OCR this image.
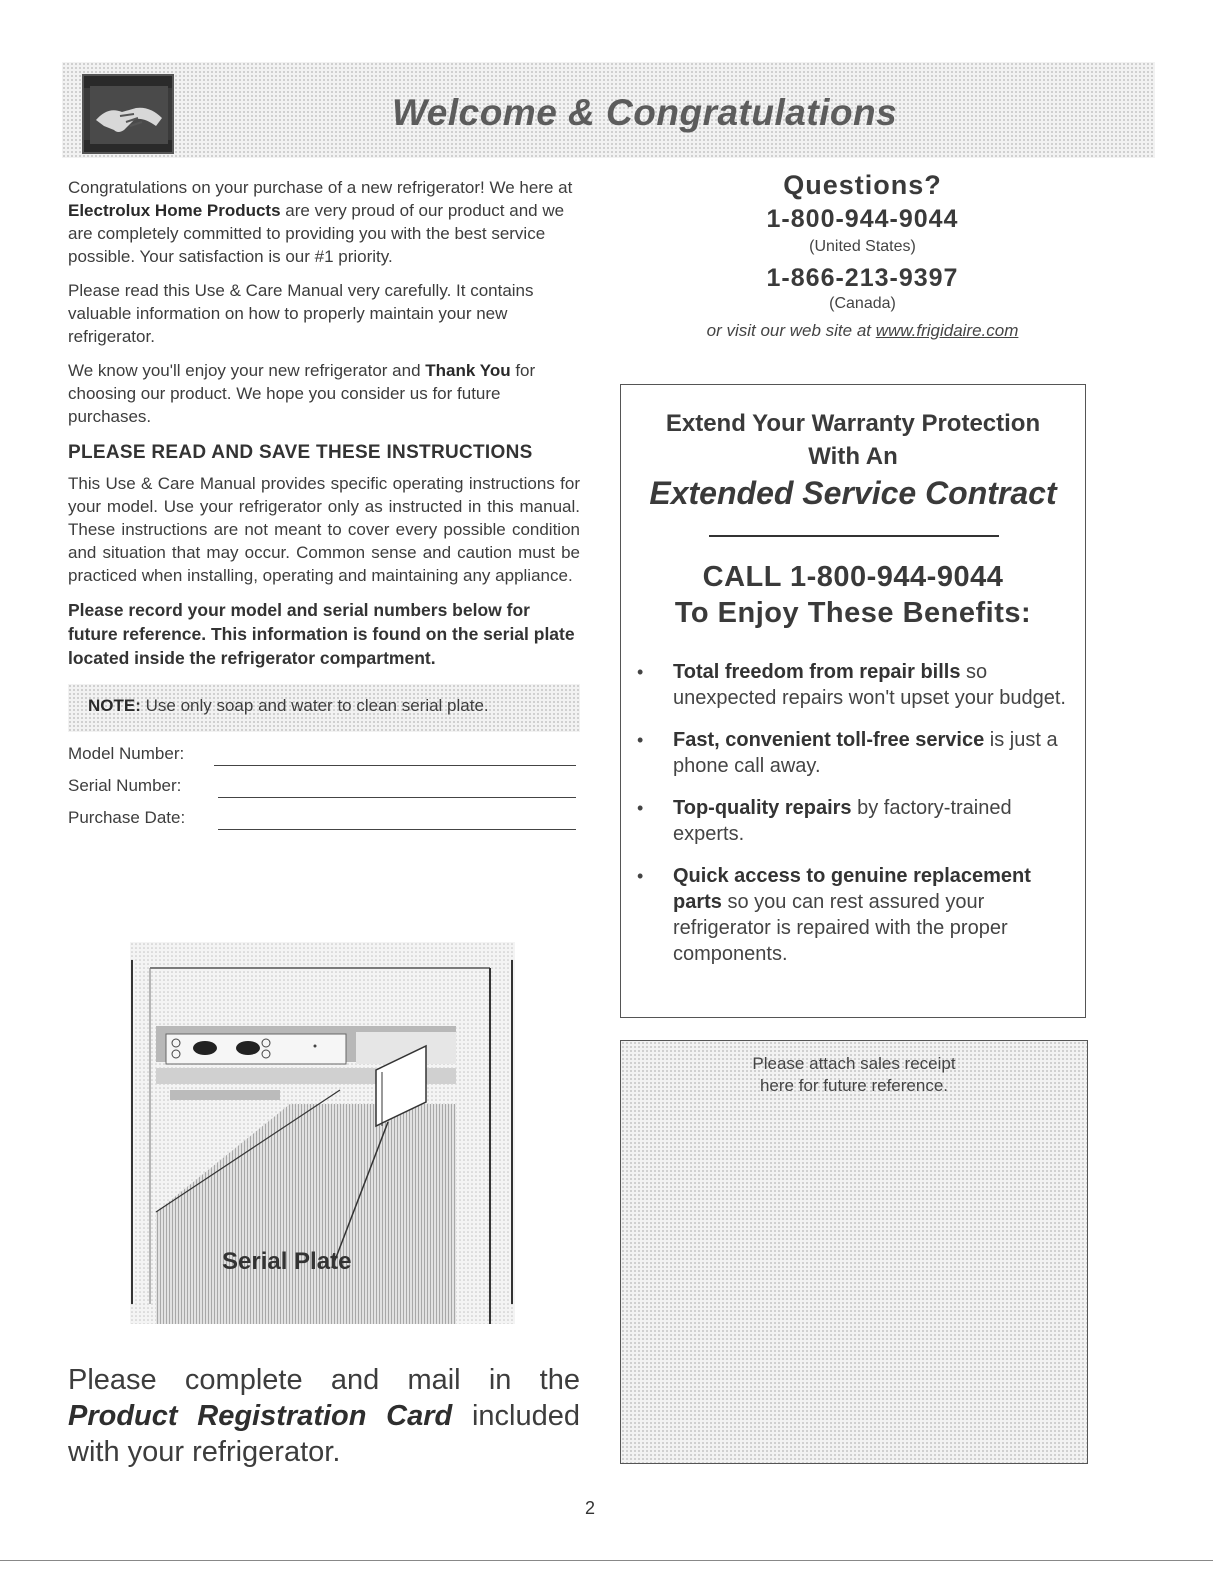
Welcome & Congratulations

Congratulations on your purchase of a new refrigerator! We here at Electrolux Home Products are very proud of our product and we are completely committed to providing you with the best service possible. Your satisfaction is our #1 priority.

Please read this Use & Care Manual very carefully. It contains valuable information on how to properly maintain your new refrigerator.

We know you'll enjoy your new refrigerator and Thank You for choosing our product. We hope you consider us for future purchases.

PLEASE READ AND SAVE THESE INSTRUCTIONS

This Use & Care Manual provides specific operating instructions for your model. Use your refrigerator only as instructed in this manual. These instructions are not meant to cover every possible condition and situation that may occur. Common sense and caution must be practiced when installing, operating and maintaining any appliance.

Please record your model and serial numbers below for future reference. This information is found on the serial plate located inside the refrigerator compartment.

NOTE: Use only soap and water to clean serial plate.
Model Number:
Serial Number:
Purchase Date:
Serial Plate
Please complete and mail in the Product Registration Card included with your refrigerator.
Questions?
1-800-944-9044
(United States)
1-866-213-9397
(Canada)
or visit our web site at www.frigidaire.com
Extend Your Warranty Protection
With An
Extended Service Contract
CALL 1-800-944-9044
To Enjoy These Benefits:
• Total freedom from repair bills so unexpected repairs won't upset your budget.
• Fast, convenient toll-free service is just a phone call away.
• Top-quality repairs by factory-trained experts.
• Quick access to genuine replacement parts so you can rest assured your refrigerator is repaired with the proper components.
Please attach sales receipt
here for future reference.
2
